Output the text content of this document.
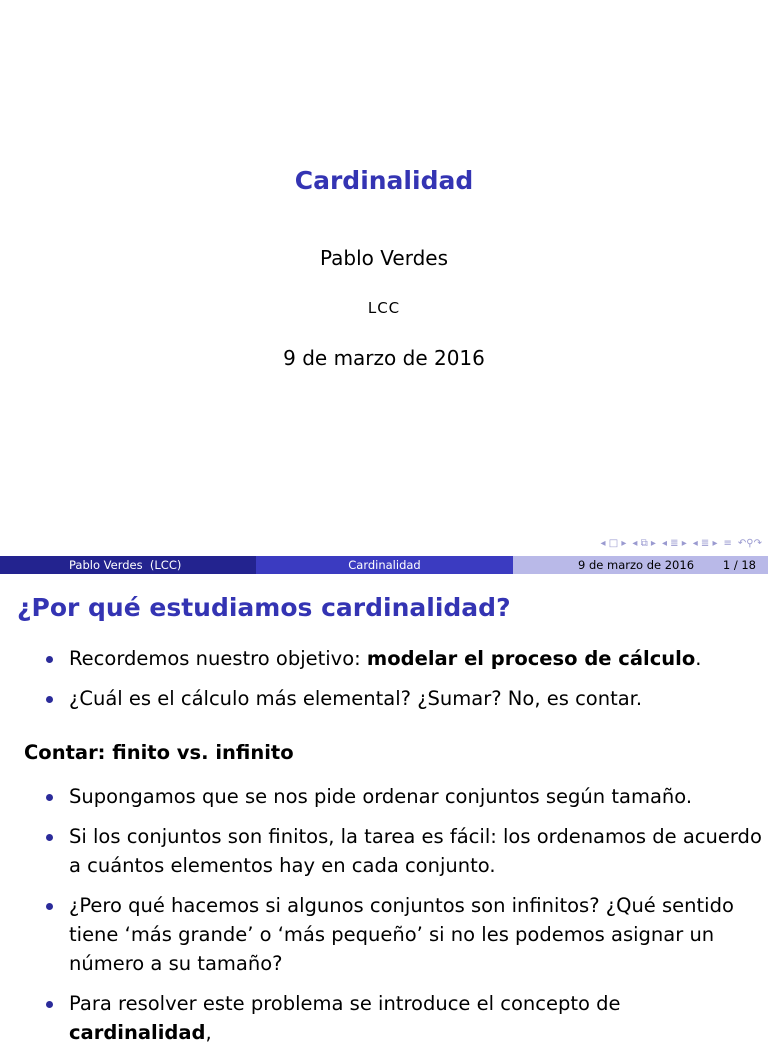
Cardinalidad
Pablo Verdes
LCC
9 de marzo de 2016
◂ □ ▸ ◂ ⧉ ▸ ◂ ≣ ▸ ◂ ≣ ▸ ≡ ↶⚲↷
Pablo Verdes  (LCC)	Cardinalidad	9 de marzo de 2016	1 / 18
¿Por qué estudiamos cardinalidad?
Recordemos nuestro objetivo: modelar el proceso de cálculo.
¿Cuál es el cálculo más elemental? ¿Sumar? No, es contar.
Contar: finito vs. infinito
Supongamos que se nos pide ordenar conjuntos según tamaño.
Si los conjuntos son finitos, la tarea es fácil: los ordenamos de acuerdo a cuántos elementos hay en cada conjunto.
¿Pero qué hacemos si algunos conjuntos son infinitos? ¿Qué sentido tiene ‘más grande’ o ‘más pequeño’ si no les podemos asignar un número a su tamaño?
Para resolver este problema se introduce el concepto de cardinalidad,
